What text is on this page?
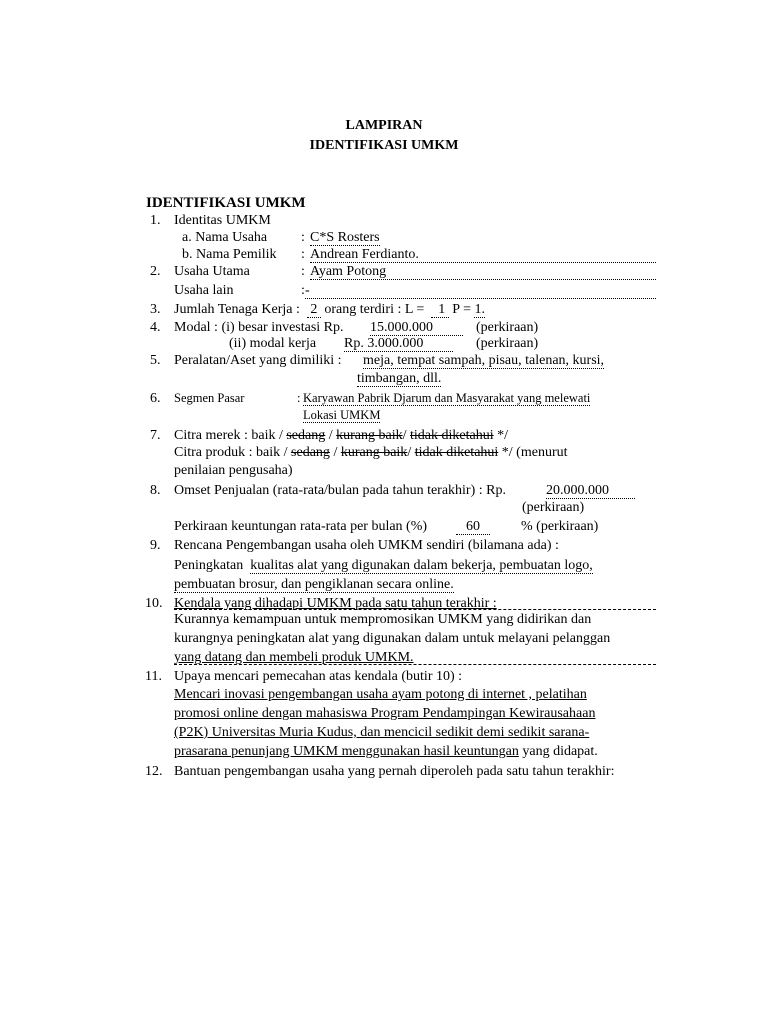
LAMPIRAN
IDENTIFIKASI UMKM
IDENTIFIKASI UMKM
1. Identitas UMKM
a. Nama Usaha : C*S Rosters
b. Nama Pemilik : Andrean Ferdianto.
2. Usaha Utama	: Ayam Potong
Usaha lain	: -
3. Jumlah Tenaga Kerja : 2 orang terdiri : L = 1 P = 1.
4. Modal : (i) besar investasi Rp. 15.000.000	(perkiraan)
(ii) modal kerja Rp. 3.000.000	(perkiraan)
5. Peralatan/Aset yang dimiliki : meja, tempat sampah, pisau, talenan, kursi,
timbangan, dll.
6. Segmen Pasar	: Karyawan Pabrik Djarum dan Masyarakat yang melewati
Lokasi UMKM
7. Citra merek : baik / sedang / kurang baik/ tidak diketahui */
Citra produk : baik / sedang / kurang baik/ tidak diketahui */ (menurut
penilaian pengusaha)
8. Omset Penjualan (rata-rata/bulan pada tahun terakhir) : Rp.	20.000.000
(perkiraan)
Perkiraan keuntungan rata-rata per bulan (%)	60	% (perkiraan)
9. Rencana Pengembangan usaha oleh UMKM sendiri (bilamana ada) :
Peningkatan kualitas alat yang digunakan dalam bekerja, pembuatan logo,
pembuatan brosur, dan pengiklanan secara online.
10. Kendala yang dihadapi UMKM pada satu tahun terakhir :
Kurannya kemampuan untuk mempromosikan UMKM yang didirikan dan
kurangnya peningkatan alat yang digunakan dalam untuk melayani pelanggan
yang datang dan membeli produk UMKM.
11. Upaya mencari pemecahan atas kendala (butir 10) :
Mencari inovasi pengembangan usaha ayam potong di internet , pelatihan
promosi online dengan mahasiswa Program Pendampingan Kewirausahaan
(P2K) Universitas Muria Kudus, dan mencicil sedikit demi sedikit sarana-
prasarana penunjang UMKM menggunakan hasil keuntungan yang didapat.
12. Bantuan pengembangan usaha yang pernah diperoleh pada satu tahun terakhir:
